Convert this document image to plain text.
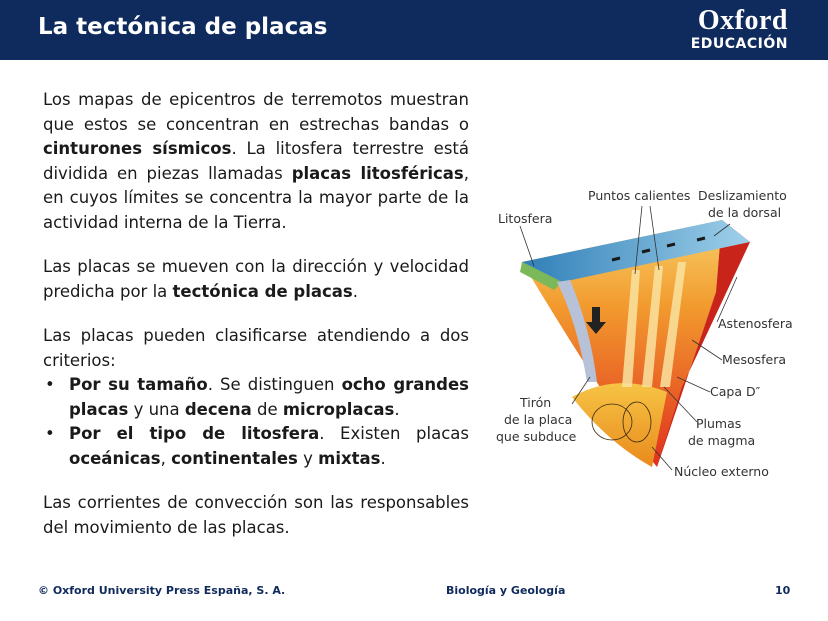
La tectónica de placas	Oxford
EDUCACIÓN

Los mapas de epicentros de terremotos muestran que estos se concentran en estrechas bandas o cinturones sísmicos. La litosfera terrestre está dividida en piezas llamadas placas litosféricas, en cuyos límites se concentra la mayor parte de la actividad interna de la Tierra.

Las placas se mueven con la dirección y velocidad predicha por la tectónica de placas.

Las placas pueden clasificarse atendiendo a dos criterios:

• Por su tamaño. Se distinguen ocho grandes placas y una decena de microplacas.
• Por el tipo de litosfera. Existen placas oceánicas, continentales y mixtas.

Las corrientes de convección son las responsables del movimiento de las placas.

Puntos calientes Deslizamiento
de la dorsal
Litosfera
Astenosfera
Mesosfera
Capa D″
Tirón
de la placa
que subduce
Plumas
de magma
Núcleo externo
© Oxford University Press España, S. A.	Biología y Geología	10
